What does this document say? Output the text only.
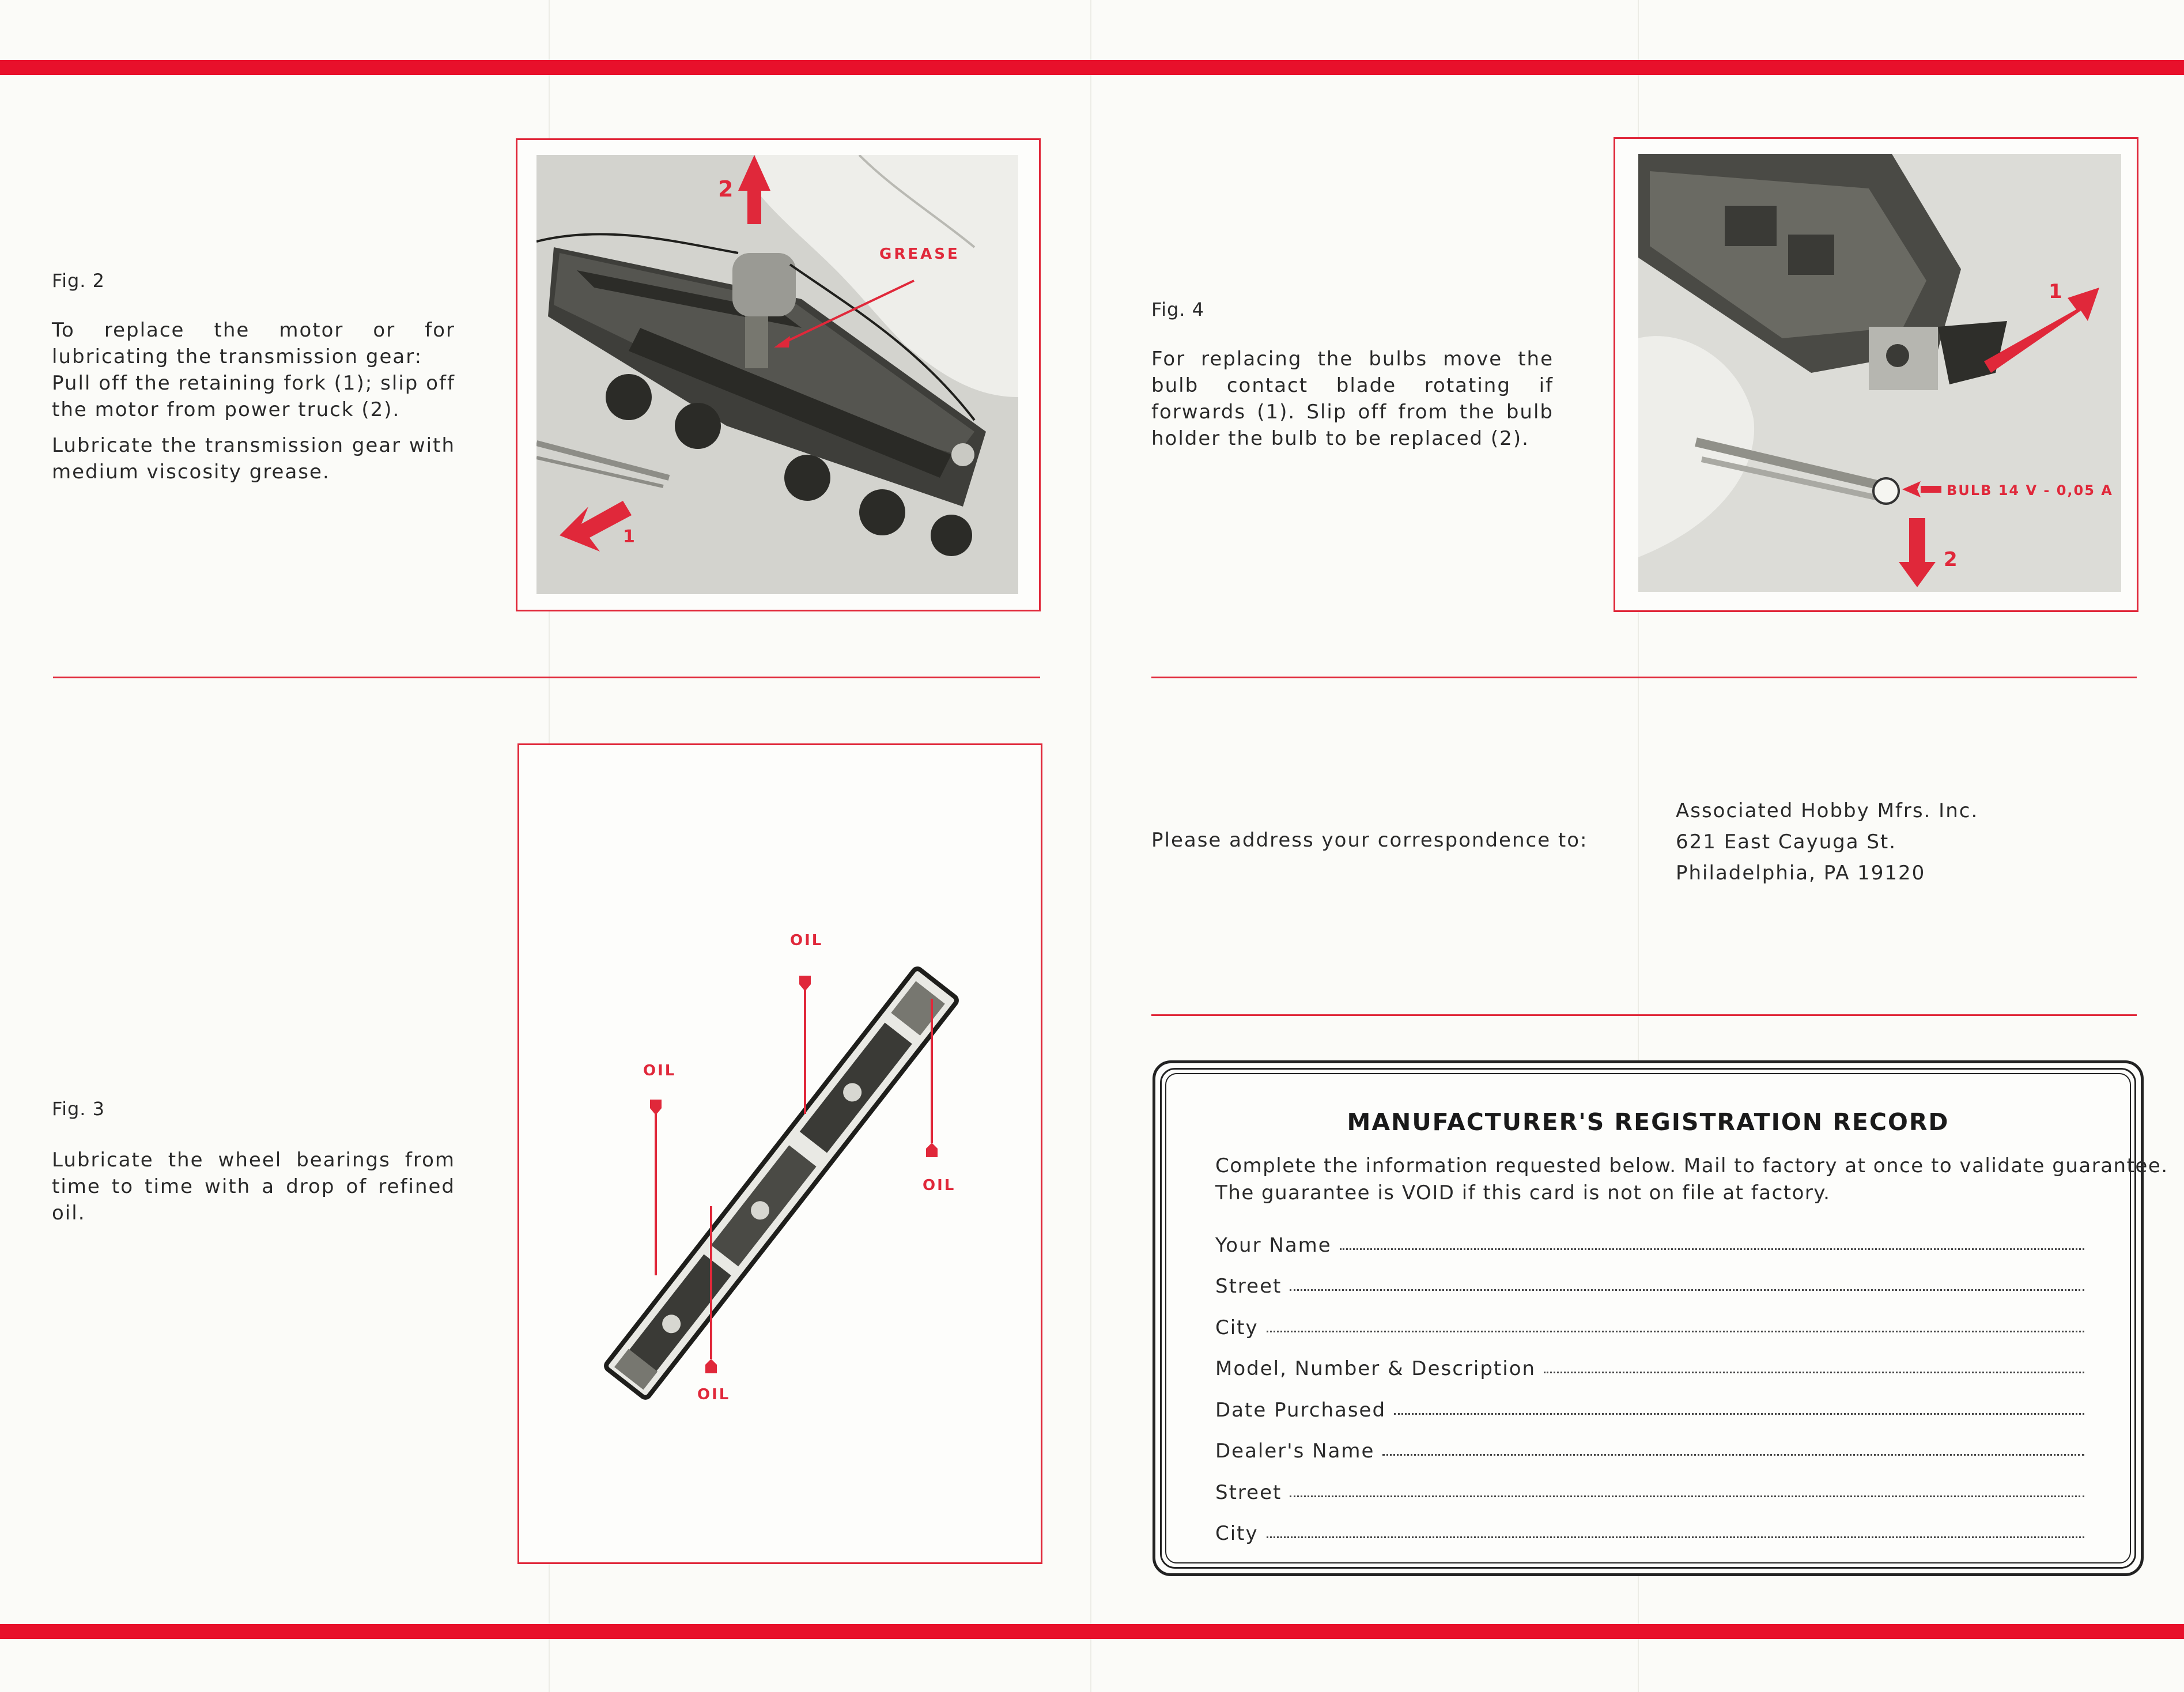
Fig. 2

To replace the motor or for lubricating the transmission gear:

Pull off the retaining fork (1); slip off the motor from power truck (2).

Lubricate the transmission gear with medium viscosity grease.

2
1
GREASE
Fig. 3
Lubricate the wheel bearings from time to time with a drop of refined oil.
OIL
OIL
OIL
OIL
Fig. 4
For replacing the bulbs move the bulb contact blade rotating if forwards (1). Slip off from the bulb holder the bulb to be replaced (2).
1
2
BULB 14 V - 0,05 A
Please address your correspondence to:
Associated Hobby Mfrs. Inc.
621 East Cayuga St.
Philadelphia, PA 19120
MANUFACTURER'S REGISTRATION RECORD
Complete the information requested below. Mail to factory at once to validate guarantee.
The guarantee is VOID if this card is not on file at factory.
Your Name
Street
City
Model, Number & Description
Date Purchased
Dealer's Name
Street
City
